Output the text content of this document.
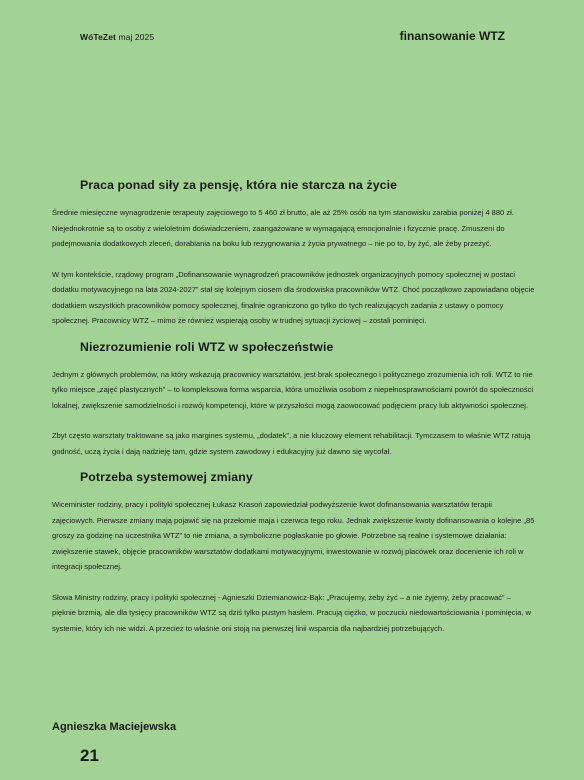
WóTeZet maj 2025	finansowanie WTZ
Praca ponad siły za pensję, która nie starcza na życie

Średnie miesięczne wynagrodzenie terapeuty zajęciowego to 5 460 zł brutto, ale aż 25% osób na tym stanowisku zarabia poniżej 4 880 zł. Niejednokrotnie są to osoby z wieloletnim doświadczeniem, zaangażowane w wymagającą emocjonalnie i fizycznie pracę. Zmuszeni do podejmowania dodatkowych zleceń, dorabiania na boku lub rezygnowania z życia prywatnego – nie po to, by żyć, ale żeby przeżyć.

W tym kontekście, rządowy program „Dofinansowanie wynagrodzeń pracowników jednostek organizacyjnych pomocy społecznej w postaci dodatku motywacyjnego na lata 2024-2027” stał się kolejnym ciosem dla środowiska pracowników WTZ. Choć początkowo zapowiadano objęcie dodatkiem wszystkich pracowników pomocy społecznej, finalnie ograniczono go tylko do tych realizujących zadania z ustawy o pomocy społecznej. Pracownicy WTZ – mimo że również wspierają osoby w trudnej sytuacji życiowej – zostali pominięci.

Niezrozumienie roli WTZ w społeczeństwie

Jednym z głównych problemów, na który wskazują pracownicy warsztatów, jest brak społecznego i politycznego zrozumienia ich roli. WTZ to nie tylko miejsce „zajęć plastycznych” – to kompleksowa forma wsparcia, która umożliwia osobom z niepełnosprawnościami powrót do społeczności lokalnej, zwiększenie samodzielności i rozwój kompetencji, które w przyszłości mogą zaowocować podjęciem pracy lub aktywności społecznej.

Zbyt często warsztaty traktowane są jako margines systemu, „dodatek”, a nie kluczowy element rehabilitacji. Tymczasem to właśnie WTZ ratują godność, uczą życia i dają nadzieję tam, gdzie system zawodowy i edukacyjny już dawno się wycofał.

Potrzeba systemowej zmiany

Wiceminister rodziny, pracy i polityki społecznej Łukasz Krasoń zapowiedział podwyższenie kwot dofinansowania warsztatów terapii zajęciowych. Pierwsze zmiany mają pojawić się na przełomie maja i czerwca tego roku. Jednak zwiększenie kwoty dofinansowania o kolejne „85 groszy za godzinę na uczestnika WTZ” to nie zmiana, a symboliczne pogłaskanie po głowie. Potrzebne są realne i systemowe działania: zwiększenie stawek, objęcie pracowników warsztatów dodatkami motywacyjnymi, inwestowanie w rozwój placówek oraz docenienie ich roli w integracji społecznej.

Słowa Ministry rodziny, pracy i polityki społecznej - Agnieszki Dziemianowicz-Bąk: „Pracujemy, żeby żyć – a nie żyjemy, żeby pracować” – pięknie brzmią, ale dla tysięcy pracowników WTZ są dziś tylko pustym hasłem. Pracują ciężko, w poczuciu niedowartościowania i pominięcia, w systemie, który ich nie widzi. A przecież to właśnie oni stoją na pierwszej linii wsparcia dla najbardziej potrzebujących.

Agnieszka Maciejewska
21
